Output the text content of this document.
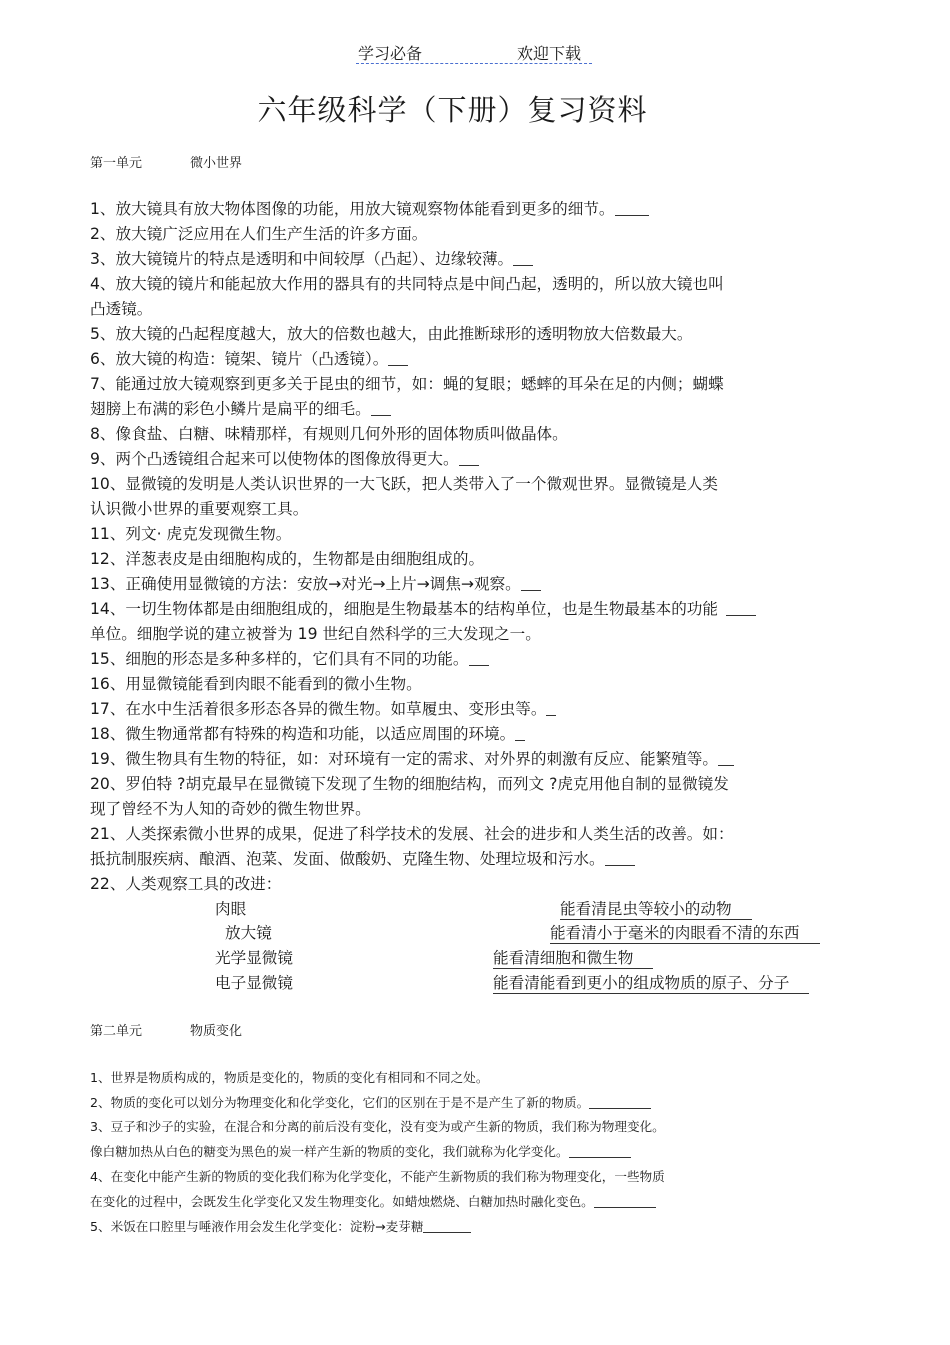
学习必备	欢迎下载
六年级科学（下册）复习资料
第一单元	微小世界
1、放大镜具有放大物体图像的功能，用放大镜观察物体能看到更多的细节。
2、放大镜广泛应用在人们生产生活的许多方面。
3、放大镜镜片的特点是透明和中间较厚（凸起）、边缘较薄。
4、放大镜的镜片和能起放大作用的器具有的共同特点是中间凸起，透明的，所以放大镜也叫
凸透镜。
5、放大镜的凸起程度越大，放大的倍数也越大，由此推断球形的透明物放大倍数最大。
6、放大镜的构造：镜架、镜片（凸透镜）。
7、能通过放大镜观察到更多关于昆虫的细节，如：蝇的复眼；蟋蟀的耳朵在足的内侧；蝴蝶
翅膀上布满的彩色小鳞片是扁平的细毛。
8、像食盐、白糖、味精那样，有规则几何外形的固体物质叫做晶体。
9、两个凸透镜组合起来可以使物体的图像放得更大。
10、显微镜的发明是人类认识世界的一大飞跃，把人类带入了一个微观世界。显微镜是人类
认识微小世界的重要观察工具。
11、列文· 虎克发现微生物。
12、洋葱表皮是由细胞构成的，生物都是由细胞组成的。
13、正确使用显微镜的方法：安放→对光→上片→调焦→观察。
14、一切生物体都是由细胞组成的，细胞是生物最基本的结构单位，也是生物最基本的功能
单位。细胞学说的建立被誉为 19 世纪自然科学的三大发现之一。
15、细胞的形态是多种多样的，它们具有不同的功能。
16、用显微镜能看到肉眼不能看到的微小生物。
17、在水中生活着很多形态各异的微生物。如草履虫、变形虫等。
18、微生物通常都有特殊的构造和功能，以适应周围的环境。
19、微生物具有生物的特征，如：对环境有一定的需求、对外界的刺激有反应、能繁殖等。
20、罗伯特 ?胡克最早在显微镜下发现了生物的细胞结构，而列文 ?虎克用他自制的显微镜发
现了曾经不为人知的奇妙的微生物世界。
21、人类探索微小世界的成果，促进了科学技术的发展、社会的进步和人类生活的改善。如：
抵抗制服疾病、酿酒、泡菜、发面、做酸奶、克隆生物、处理垃圾和污水。
22、人类观察工具的改进：
肉眼	能看清昆虫等较小的动物
放大镜	能看清小于毫米的肉眼看不清的东西
光学显微镜	能看清细胞和微生物
电子显微镜	能看清能看到更小的组成物质的原子、分子
第二单元	物质变化
1、世界是物质构成的，物质是变化的，物质的变化有相同和不同之处。
2、物质的变化可以划分为物理变化和化学变化，它们的区别在于是不是产生了新的物质。
3、豆子和沙子的实验，在混合和分离的前后没有变化，没有变为或产生新的物质，我们称为物理变化。
像白糖加热从白色的糖变为黑色的炭一样产生新的物质的变化，我们就称为化学变化。
4、在变化中能产生新的物质的变化我们称为化学变化，不能产生新物质的我们称为物理变化，一些物质
在变化的过程中，会既发生化学变化又发生物理变化。如蜡烛燃烧、白糖加热时融化变色。
5、米饭在口腔里与唾液作用会发生化学变化：淀粉→麦芽糖
